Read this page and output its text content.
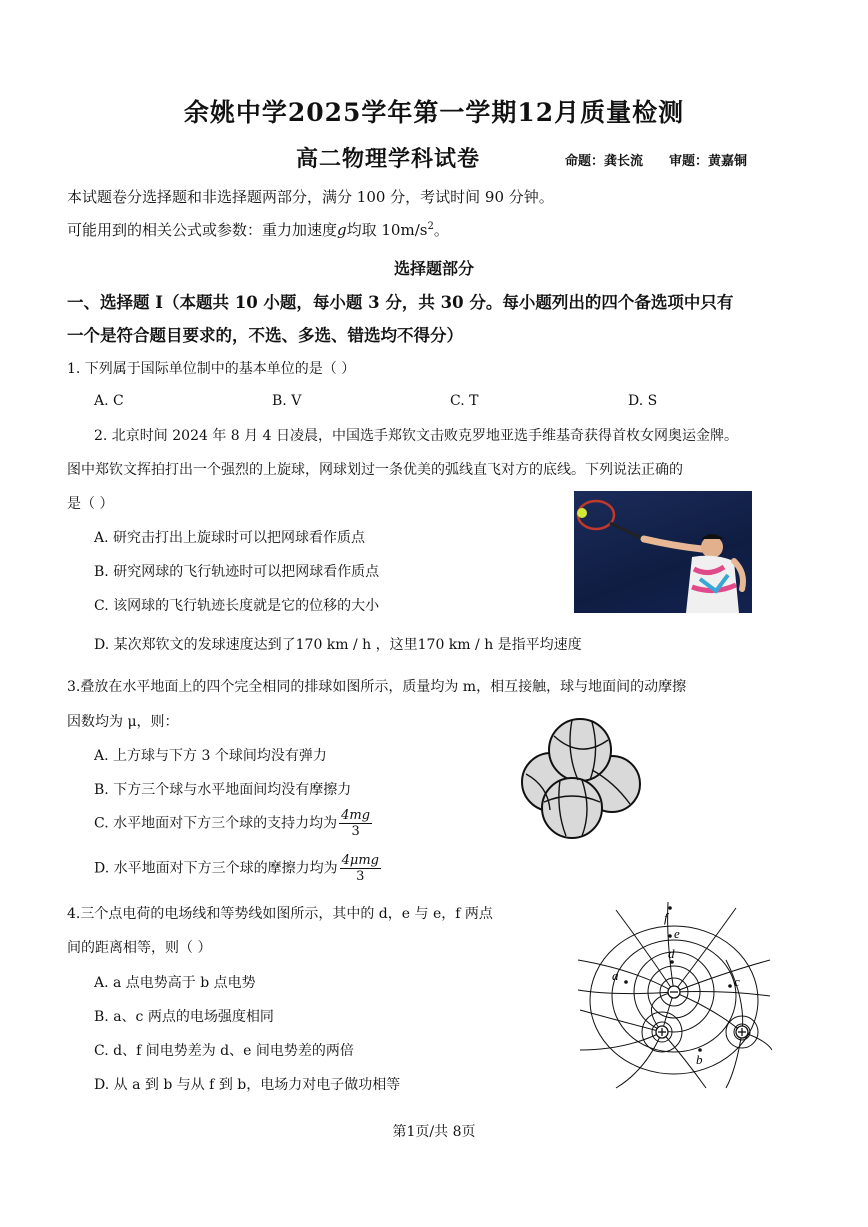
余姚中学2025学年第一学期12月质量检测
高二物理学科试卷	命题：龚长流 审题：黄嘉铜
本试题卷分选择题和非选择题两部分，满分 100 分，考试时间 90 分钟。
可能用到的相关公式或参数：重力加速度g均取 $10m/s^2$。
选择题部分
一、选择题 I（本题共 10 小题，每小题 3 分，共 30 分。每小题列出的四个备选项中只有
一个是符合题目要求的，不选、多选、错选均不得分）
1. 下列属于国际单位制中的基本单位的是（ ）
A. C	B. V	C. T	D. S
2. 北京时间 2024 年 8 月 4 日凌晨，中国选手郑钦文击败克罗地亚选手维基奇获得首枚女网奥运金牌。
图中郑钦文挥拍打出一个强烈的上旋球，网球划过一条优美的弧线直飞对方的底线。下列说法正确的
是（ ）
A. 研究击打出上旋球时可以把网球看作质点
B. 研究网球的飞行轨迹时可以把网球看作质点
C. 该网球的飞行轨迹长度就是它的位移的大小
D. 某次郑钦文的发球速度达到了170 km / h ，这里170 km / h 是指平均速度
3.叠放在水平地面上的四个完全相同的排球如图所示，质量均为 m，相互接触，球与地面间的动摩擦
因数均为 μ，则：
A. 上方球与下方 3 个球间均没有弹力
B. 下方三个球与水平地面间均没有摩擦力
C. 水平地面对下方三个球的支持力均为 $\frac{4mg}{3}$
D. 水平地面对下方三个球的摩擦力均为 $\frac{\text{4μmg}}{3}$
4.三个点电荷的电场线和等势线如图所示，其中的 d，e 与 e，f 两点
间的距离相等，则（ ）
A. a 点电势高于 b 点电势
B. a、c 两点的电场强度相同
C. d、f 间电势差为 d、e 间电势差的两倍
D. 从 a 到 b 与从 f 到 b，电场力对电子做功相等
f
e
d
a	c
b
第1页/共 8页
